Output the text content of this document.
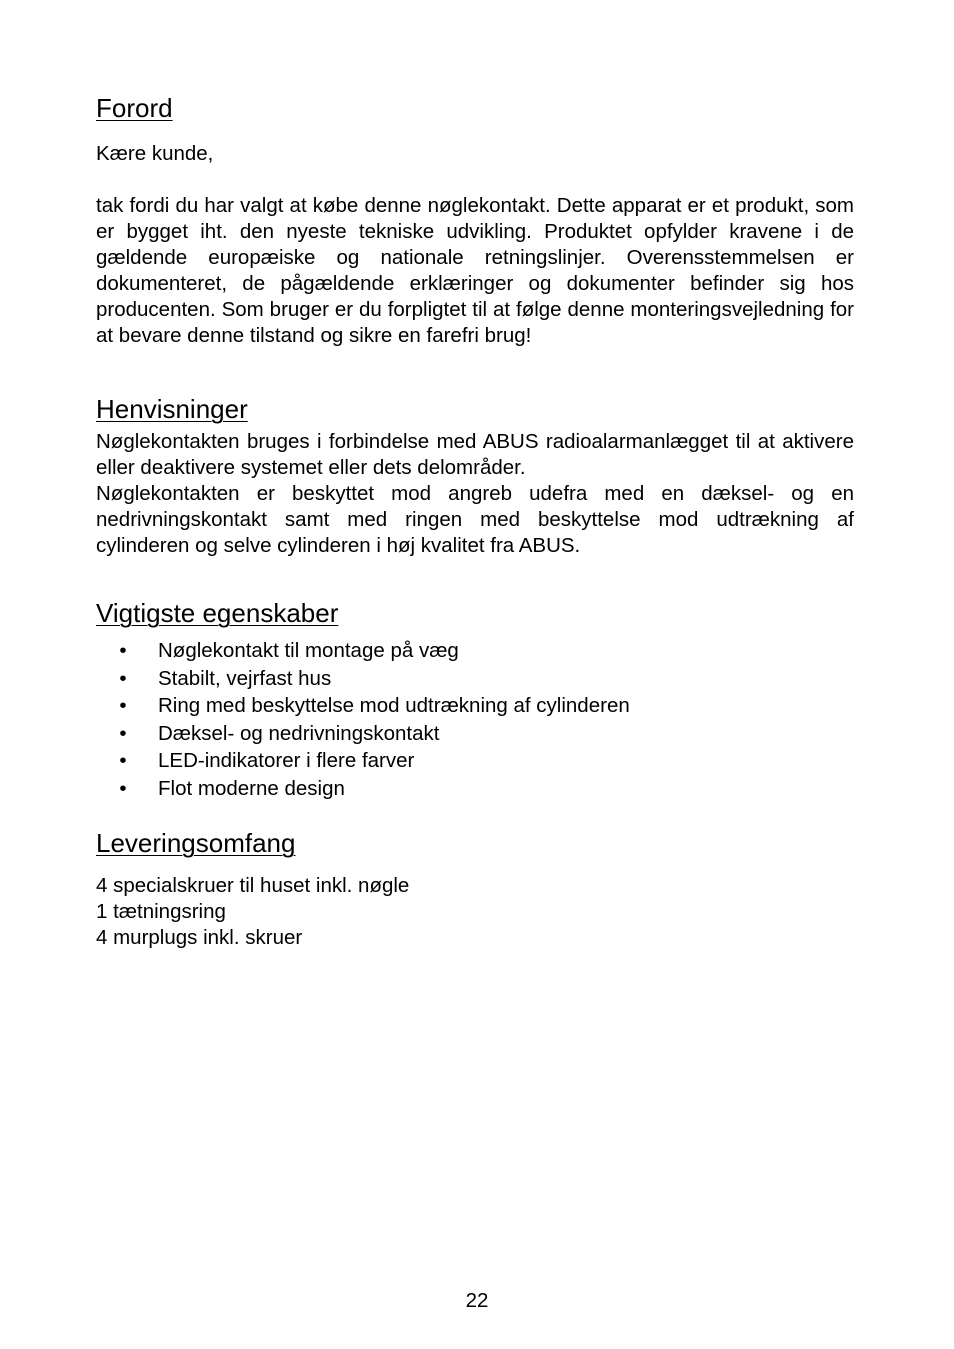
Forord

Kære kunde,

tak fordi du har valgt at købe denne nøglekontakt. Dette apparat er et produkt, som er bygget iht. den nyeste tekniske udvikling. Produktet opfylder kravene i de gældende europæiske og nationale retningslinjer. Overensstemmelsen er dokumenteret, de pågældende erklæringer og dokumenter befinder sig hos producenten. Som bruger er du forpligtet til at følge denne monteringsvejledning for at bevare denne tilstand og sikre en farefri brug!

Henvisninger

Nøglekontakten bruges i forbindelse med ABUS radioalarmanlægget til at aktivere eller deaktivere systemet eller dets delområder.

Nøglekontakten er beskyttet mod angreb udefra med en dæksel- og en nedrivningskontakt samt med ringen med beskyttelse mod udtrækning af cylinderen og selve cylinderen i høj kvalitet fra ABUS.

Vigtigste egenskaber
• Nøglekontakt til montage på væg
• Stabilt, vejrfast hus
• Ring med beskyttelse mod udtrækning af cylinderen
• Dæksel- og nedrivningskontakt
• LED-indikatorer i flere farver
• Flot moderne design
Leveringsomfang
4 specialskruer til huset inkl. nøgle
1 tætningsring
4 murplugs inkl. skruer
22
